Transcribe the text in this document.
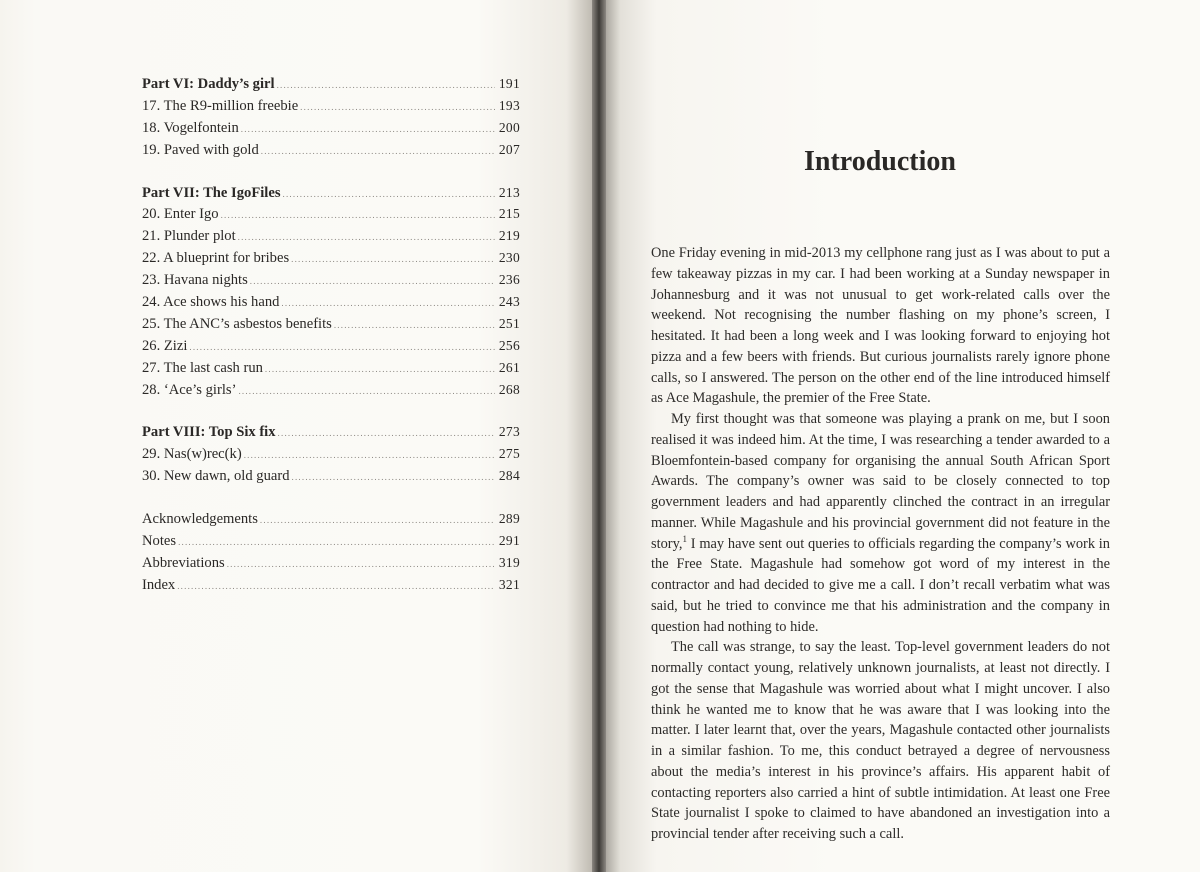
Part VI: Daddy’s girl .....	191
17. The R9-million freebie .....	193
18. Vogelfontein .....	200
19. Paved with gold .....	207
Part VII: The IgoFiles .....	213
20. Enter Igo .....	215
21. Plunder plot .....	219
22. A blueprint for bribes .....	230
23. Havana nights .....	236
24. Ace shows his hand .....	243
25. The ANC’s asbestos benefits .....	251
26. Zizi .....	256
27. The last cash run .....	261
28. ‘Ace’s girls’ .....	268
Part VIII: Top Six fix .....	273
29. Nas(w)rec(k) .....	275
30. New dawn, old guard .....	284
Acknowledgements .....	289
Notes .....	291
Abbreviations .....	319
Index .....	321
Introduction

One Friday evening in mid-2013 my cellphone rang just as I was about to put a few takeaway pizzas in my car. I had been working at a Sunday newspaper in Johannesburg and it was not unusual to get work-related calls over the weekend. Not recognising the number flashing on my phone’s screen, I hesitated. It had been a long week and I was looking forward to enjoying hot pizza and a few beers with friends. But curious journalists rarely ignore phone calls, so I answered. The person on the other end of the line introduced himself as Ace Magashule, the premier of the Free State.

My first thought was that someone was playing a prank on me, but I soon realised it was indeed him. At the time, I was researching a tender awarded to a Bloemfontein-based company for organising the annual South African Sport Awards. The company’s owner was said to be closely connected to top government leaders and had apparently clinched the contract in an irregular manner. While Magashule and his provincial government did not feature in the story,$^1$ I may have sent out queries to officials regarding the company’s work in the Free State. Magashule had somehow got word of my interest in the contractor and had decided to give me a call. I don’t recall verbatim what was said, but he tried to convince me that his administration and the company in question had nothing to hide.

The call was strange, to say the least. Top-level government leaders do not normally contact young, relatively unknown journalists, at least not directly. I got the sense that Magashule was worried about what I might uncover. I also think he wanted me to know that he was aware that I was looking into the matter. I later learnt that, over the years, Magashule contacted other journalists in a similar fashion. To me, this conduct betrayed a degree of nervousness about the media’s interest in his province’s affairs. His apparent habit of contacting reporters also carried a hint of subtle intimidation. At least one Free State journalist I spoke to claimed to have abandoned an investigation into a provincial tender after receiving such a call.
